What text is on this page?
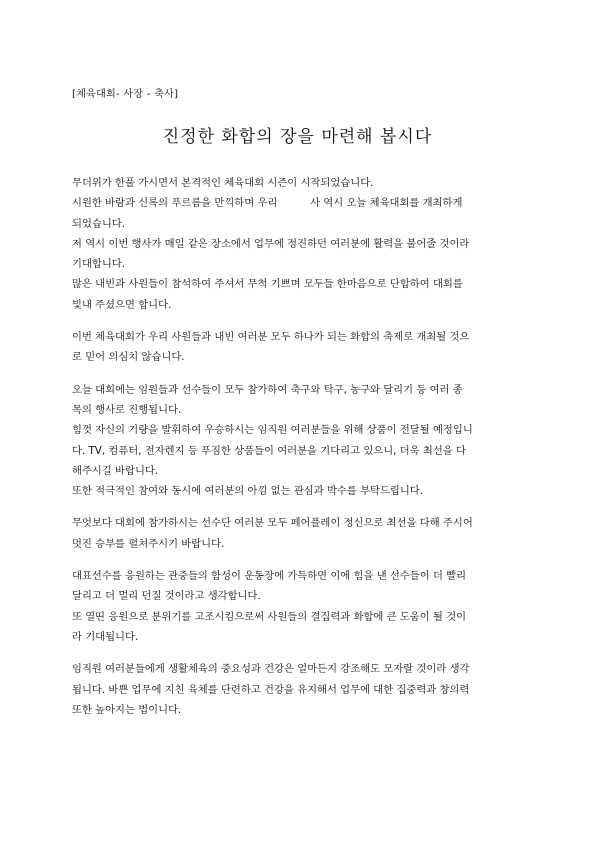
[체육대회- 사장 - 축사]
진정한 화합의 장을 마련해 봅시다
무더위가 한풀 가시면서 본격적인 체육대회 시즌이 시작되었습니다.
시원한 바람과 신록의 푸르름을 만끽하며 우리          사 역시 오늘 체육대회를 개최하게
되었습니다.
저 역시 이번 행사가 매일 같은 장소에서 업무에 정진하던 여러분에 활력을 불어줄 것이라
기대합니다.
많은 내빈과 사원들이 참석하여 주셔서 무척 기쁘며 모두들 한마음으로 단합하여 대회를
빛내 주셨으면 합니다.
이번 체육대회가 우리 사원들과 내빈 여러분 모두 하나가 되는 화합의 축제로 개최될 것으
로 믿어 의심치 않습니다.
오늘 대회에는 임원들과 선수들이 모두 참가하여 축구와 탁구, 농구와 달리기 등 여러 종
목의 행사로 진행됩니다.
힘껏 자신의 기량을 발휘하여 우승하시는 임직원 여러분들을 위해 상품이 전달될 예정입니
다. TV, 컴퓨터, 전자렌지 등 푸짐한 상품들이 여러분을 기다리고 있으니, 더욱 최선을 다
해주시길 바랍니다.
또한 적극적인 참여와 동시에 여러분의 아낌 없는 관심과 박수를 부탁드립니다.
무엇보다 대회에 참가하시는 선수단 여러분 모두 페어플레이 정신으로 최선을 다해 주시어
멋진 승부를 펼쳐주시기 바랍니다.
대표선수를 응원하는 관중들의 함성이 운동장에 가득하면 이에 힘을 낸 선수들이 더 빨리
달리고 더 멀리 던질 것이라고 생각합니다.
또 열띤 응원으로 분위기를 고조시킴으로써 사원들의 결집력과 화합에 큰 도움이 될 것이
라 기대됩니다.
임직원 여러분들에게 생활체육의 중요성과 건강은 얼마든지 강조해도 모자랄 것이라 생각
됩니다. 바쁜 업무에 지친 육체를 단련하고 건강을 유지해서 업무에 대한 집중력과 창의력
또한 높아지는 법이니다.
